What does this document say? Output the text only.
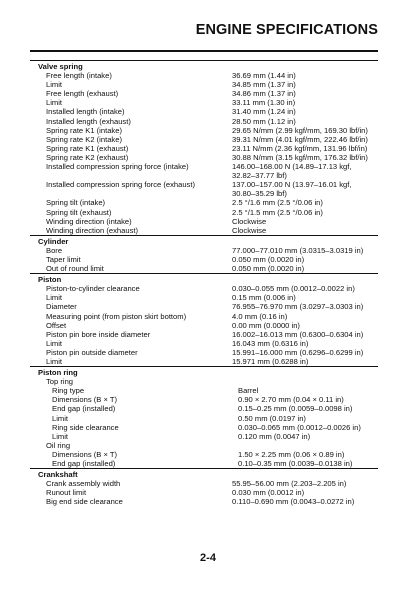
ENGINE SPECIFICATIONS
Valve spring
Free length (intake)	36.69 mm (1.44 in)
Limit	34.85 mm (1.37 in)
Free length (exhaust)	34.86 mm (1.37 in)
Limit	33.11 mm (1.30 in)
Installed length (intake)	31.40 mm (1.24 in)
Installed length (exhaust)	28.50 mm (1.12 in)
Spring rate K1 (intake)	29.65 N/mm (2.99 kgf/mm, 169.30 lbf/in)
Spring rate K2 (intake)	39.31 N/mm (4.01 kgf/mm, 222.46 lbf/in)
Spring rate K1 (exhaust)	23.11 N/mm (2.36 kgf/mm, 131.96 lbf/in)
Spring rate K2 (exhaust)	30.88 N/mm (3.15 kgf/mm, 176.32 lbf/in)
Installed compression spring force (intake)	146.00–168.00 N (14.89–17.13 kgf,
32.82–37.77 lbf)
Installed compression spring force (exhaust)	137.00–157.00 N (13.97–16.01 kgf,
30.80–35.29 lbf)
Spring tilt (intake)	2.5 °/1.6 mm (2.5 °/0.06 in)
Spring tilt (exhaust)	2.5 °/1.5 mm (2.5 °/0.06 in)
Winding direction (intake)	Clockwise
Winding direction (exhaust)	Clockwise
Cylinder
Bore	77.000–77.010 mm (3.0315–3.0319 in)
Taper limit	0.050 mm (0.0020 in)
Out of round limit	0.050 mm (0.0020 in)
Piston
Piston-to-cylinder clearance	0.030–0.055 mm (0.0012–0.0022 in)
Limit	0.15 mm (0.006 in)
Diameter	76.955–76.970 mm (3.0297–3.0303 in)
Measuring point (from piston skirt bottom)	4.0 mm (0.16 in)
Offset	0.00 mm (0.0000 in)
Piston pin bore inside diameter	16.002–16.013 mm (0.6300–0.6304 in)
Limit	16.043 mm (0.6316 in)
Piston pin outside diameter	15.991–16.000 mm (0.6296–0.6299 in)
Limit	15.971 mm (0.6288 in)
Piston ring
Top ring
Ring type	Barrel
Dimensions (B × T)	0.90 × 2.70 mm (0.04 × 0.11 in)
End gap (installed)	0.15–0.25 mm (0.0059–0.0098 in)
Limit	0.50 mm (0.0197 in)
Ring side clearance	0.030–0.065 mm (0.0012–0.0026 in)
Limit	0.120 mm (0.0047 in)
Oil ring
Dimensions (B × T)	1.50 × 2.25 mm (0.06 × 0.89 in)
End gap (installed)	0.10–0.35 mm (0.0039–0.0138 in)
Crankshaft
Crank assembly width	55.95–56.00 mm (2.203–2.205 in)
Runout limit	0.030 mm (0.0012 in)
Big end side clearance	0.110–0.690 mm (0.0043–0.0272 in)
2-4
